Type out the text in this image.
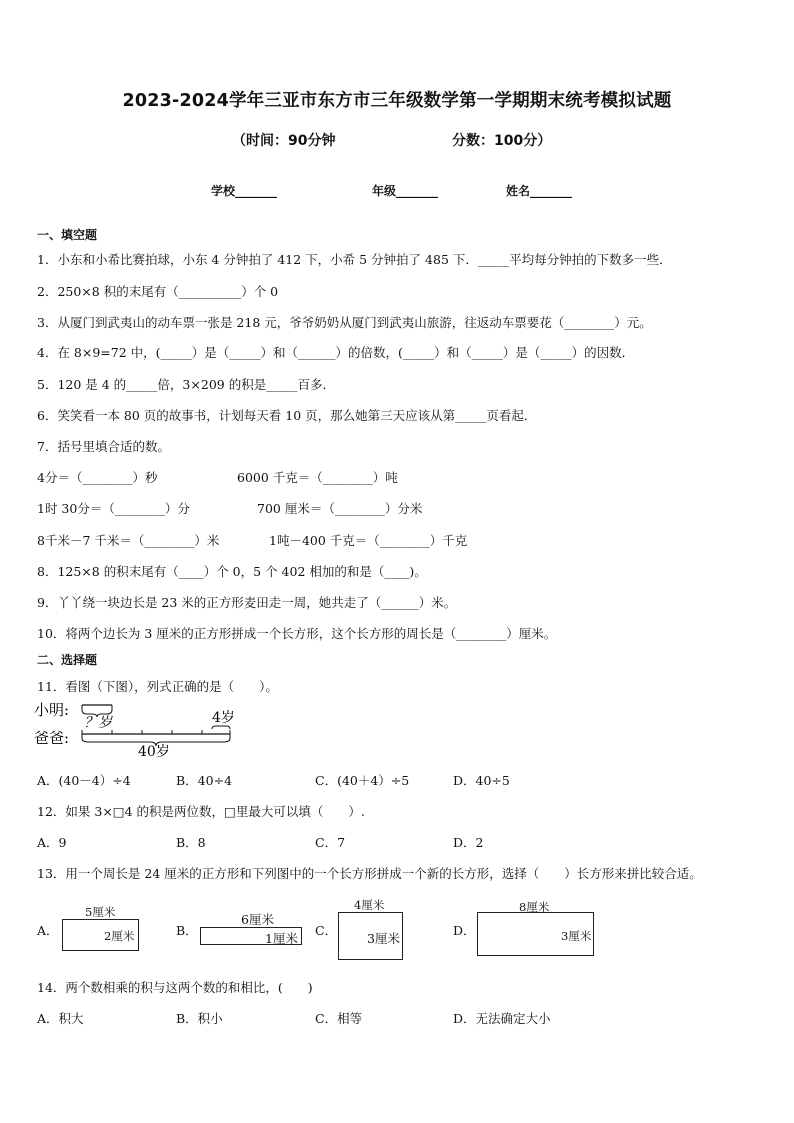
2023-2024学年三亚市东方市三年级数学第一学期期末统考模拟试题
（时间：90分钟	分数：100分）
学校_______	年级_______	姓名_______
一、填空题
1．小东和小希比赛拍球，小东 4 分钟拍了 412 下，小希 5 分钟拍了 485 下．_____平均每分钟拍的下数多一些．
2．250×8 积的末尾有（__________）个 0
3．从厦门到武夷山的动车票一张是 218 元，爷爷奶奶从厦门到武夷山旅游，往返动车票要花（________）元。
4．在 8×9=72 中，(_____）是（_____）和（______）的倍数，(_____）和（_____）是（_____）的因数．
5．120 是 4 的_____倍，3×209 的积是_____百多．
6．笑笑看一本 80 页的故事书，计划每天看 10 页，那么她第三天应该从第_____页看起．
7．括号里填合适的数。
4分＝（________）秒	6000 千克＝（________）吨
1时 30分＝（________）分	700 厘米＝（________）分米
8千米－7 千米＝（________）米	1吨－400 千克＝（________）千克
8．125×8 的积末尾有（____）个 0，5 个 402 相加的和是（____)。
9．丫丫绕一块边长是 23 米的正方形麦田走一周，她共走了（______）米。
10．将两个边长为 3 厘米的正方形拼成一个长方形，这个长方形的周长是（________）厘米。
二、选择题
11．看图（下图），列式正确的是（　　）。
小明:
爸爸:
？岁	4岁
40岁
A．(40－4）÷4	B．40÷4	C．(40＋4）÷5	D．40÷5
12．如果 3×□4 的积是两位数，□里最大可以填（　　）.
A．9	B．8	C．7	D．2
13．用一个周长是 24 厘米的正方形和下列图中的一个长方形拼成一个新的长方形，选择（　　）长方形来拼比较合适。
A．
5厘米
2厘米	B．
6厘米
1厘米
C．
4厘米
3厘米
D．
8厘米
3厘米
14．两个数相乘的积与这两个数的和相比，(　　)
A．积大	B．积小	C．相等	D．无法确定大小
